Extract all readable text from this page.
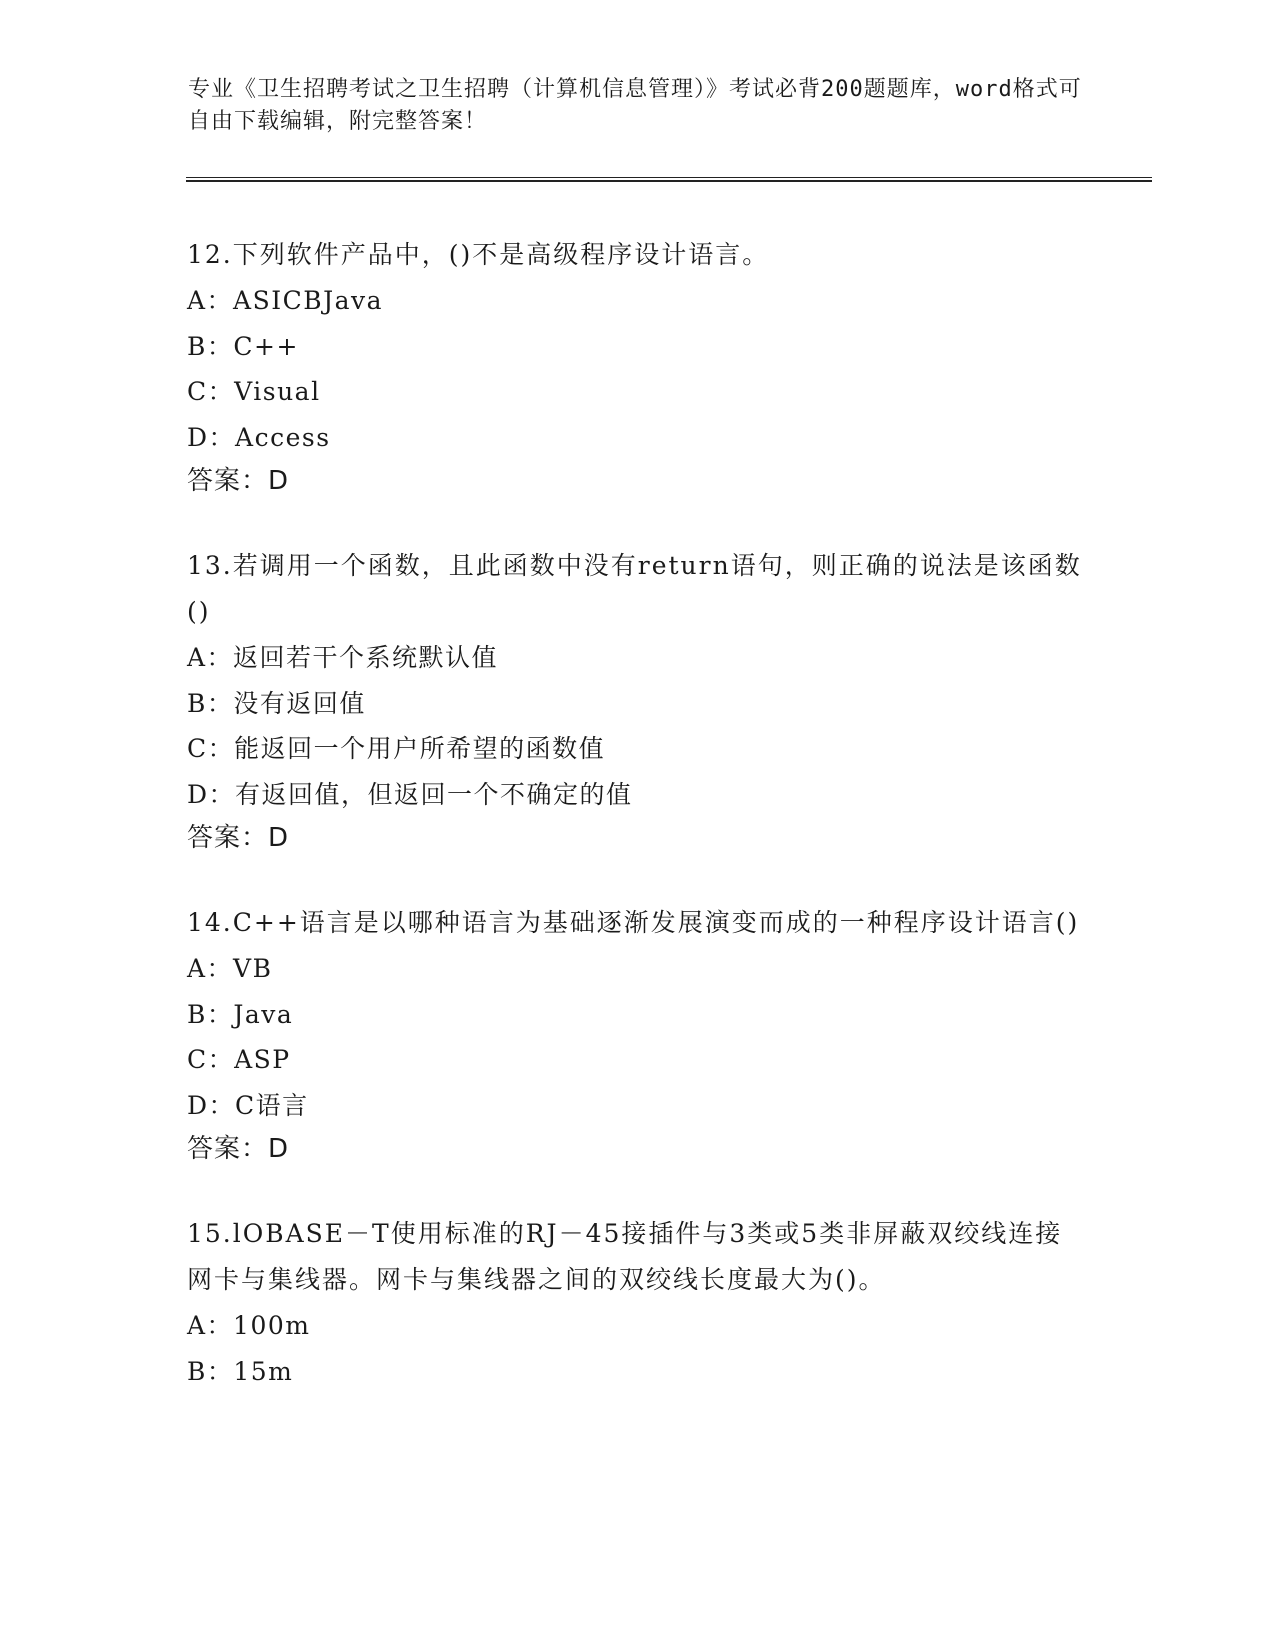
专业《卫生招聘考试之卫生招聘（计算机信息管理）》考试必背200题题库，word格式可自由下载编辑，附完整答案！

12.下列软件产品中，()不是高级程序设计语言。

A：ASICBJava

B：C++

C：Visual

D：Access

答案：D

13.若调用一个函数，且此函数中没有return语句，则正确的说法是该函数()

A：返回若干个系统默认值

B：没有返回值

C：能返回一个用户所希望的函数值

D：有返回值，但返回一个不确定的值

答案：D

14.C++语言是以哪种语言为基础逐渐发展演变而成的一种程序设计语言()

A：VB

B：Java

C：ASP

D：C语言

答案：D

15.lOBASE－T使用标准的RJ－45接插件与3类或5类非屏蔽双绞线连接网卡与集线器。网卡与集线器之间的双绞线长度最大为()。

A：100m

B：15m
